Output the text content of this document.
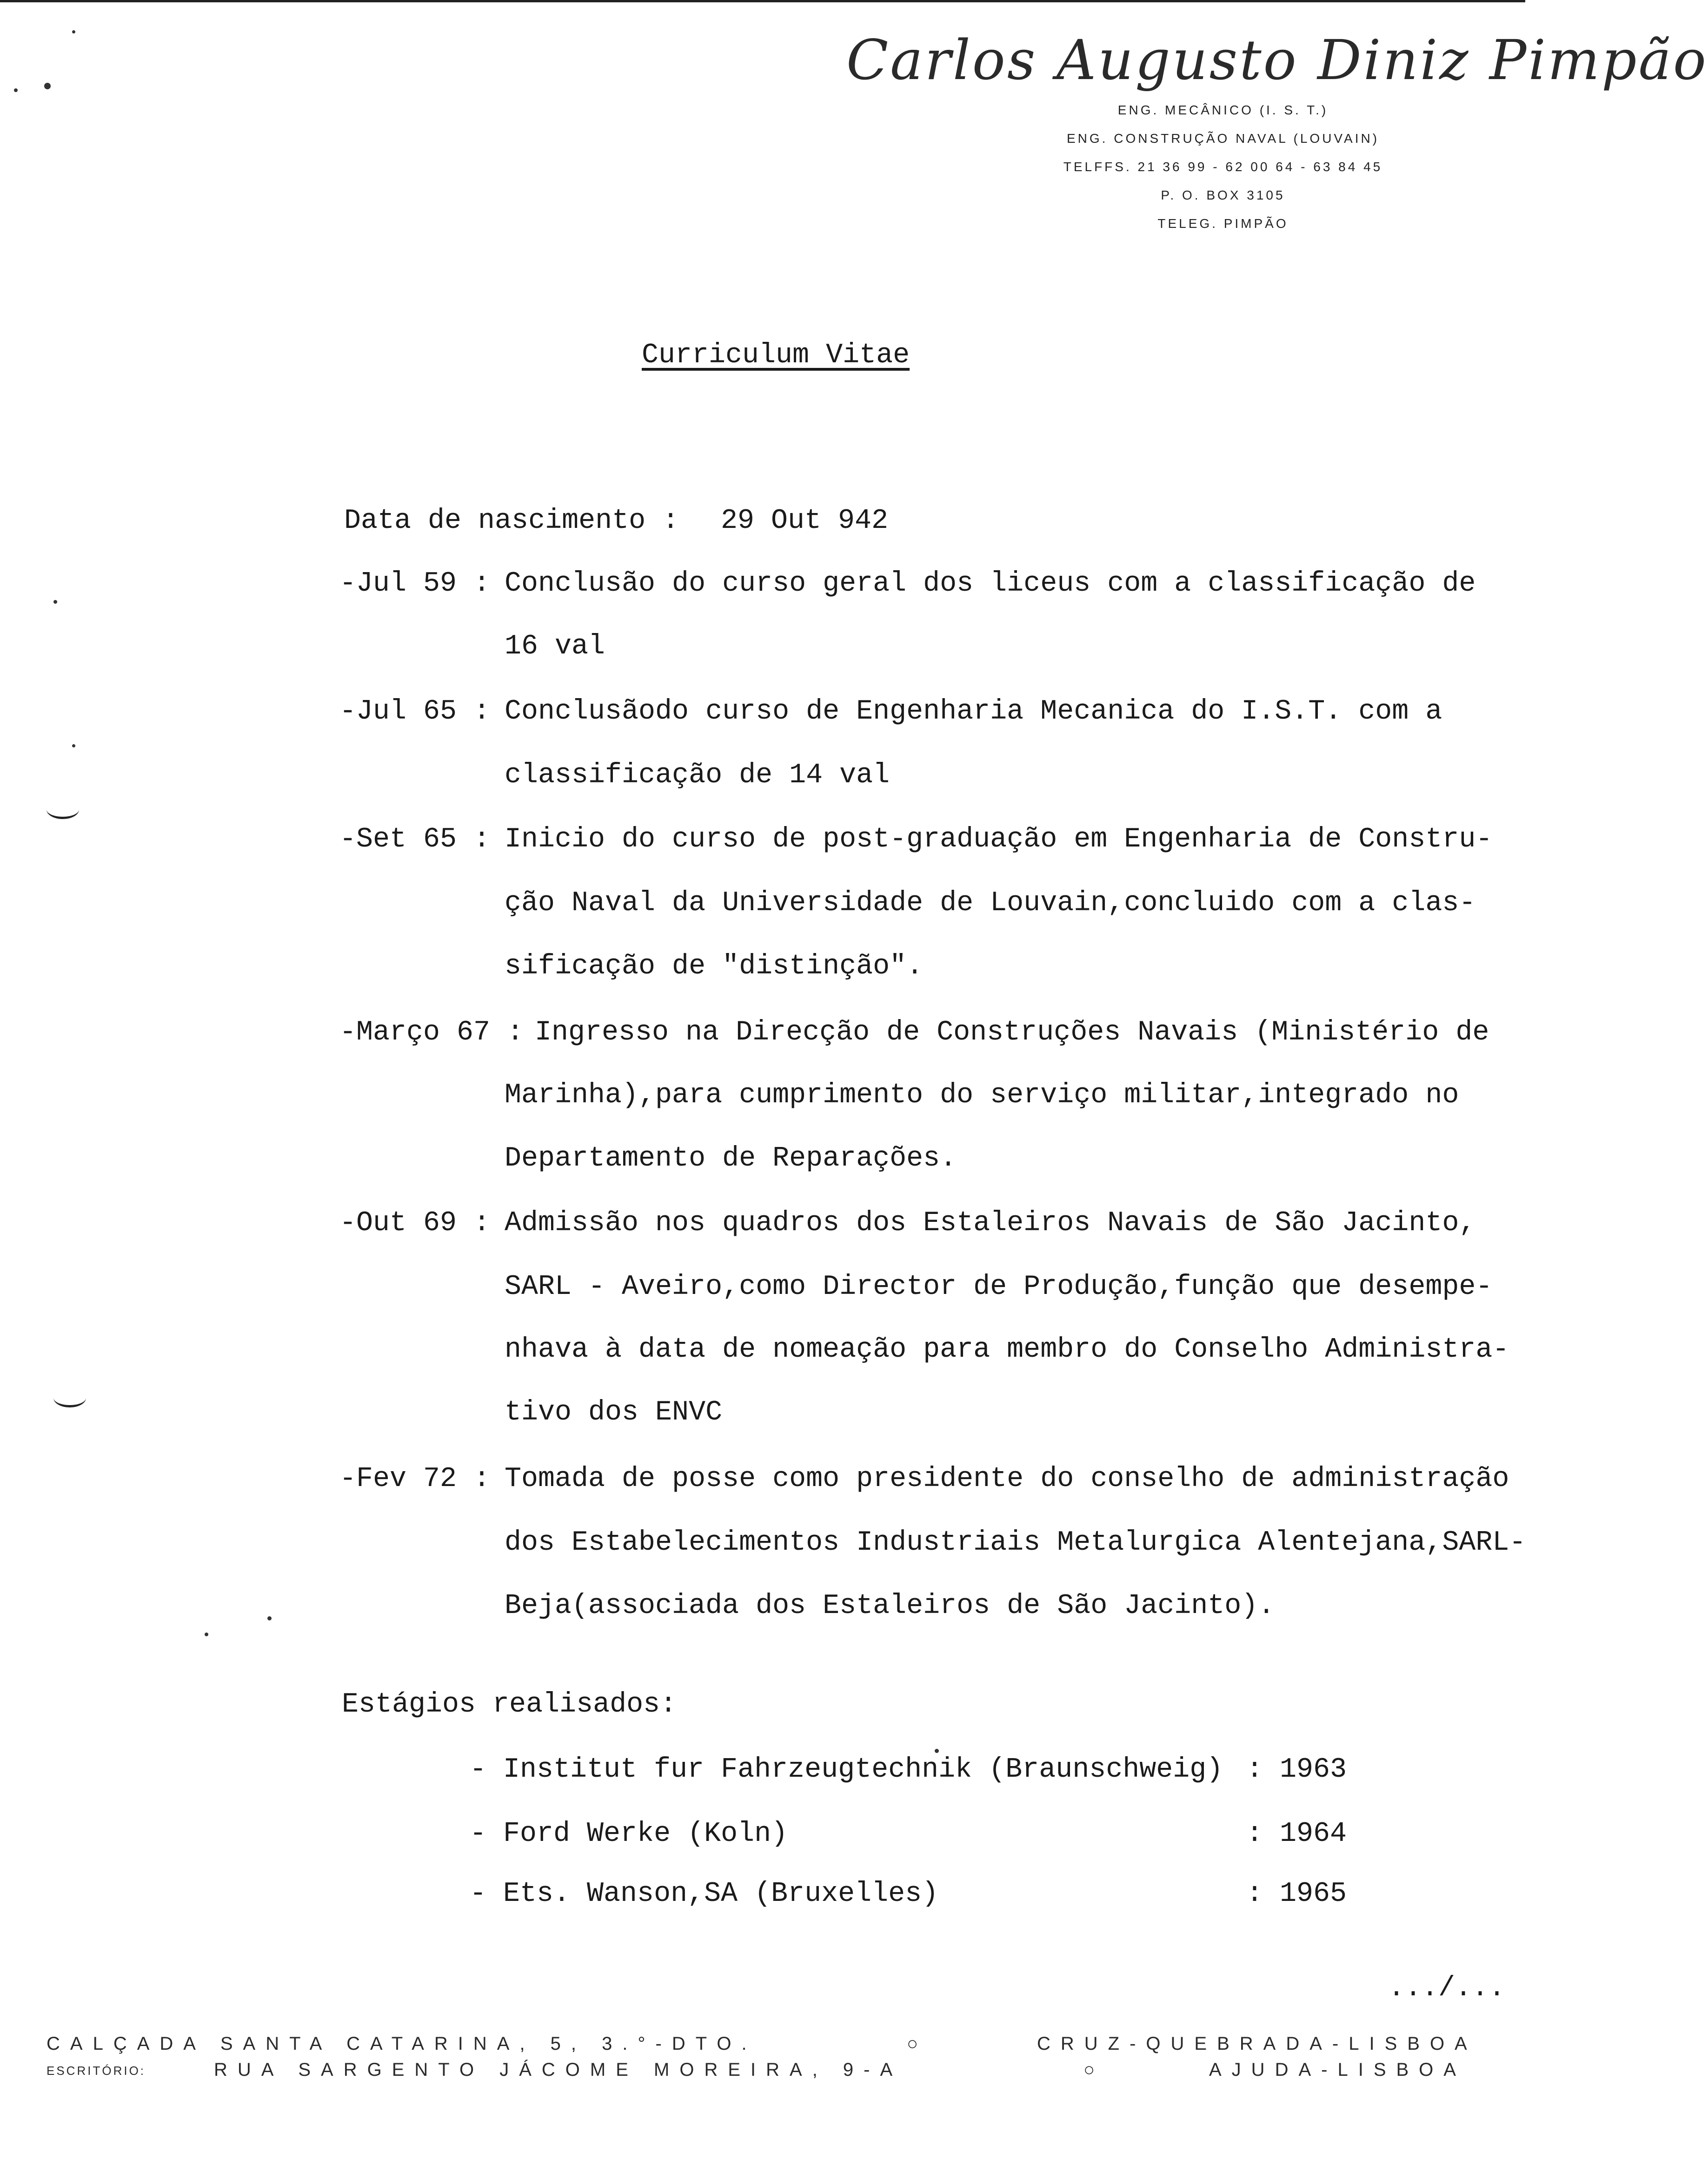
Carlos Augusto Diniz Pimpão
ENG. MECÂNICO (I. S. T.)
ENG. CONSTRUÇÃO NAVAL (LOUVAIN)
TELFFS. 21 36 99 - 62 00 64 - 63 84 45
P. O. BOX 3105
TELEG. PIMPÃO
Curriculum Vitae
Data de nascimento : 29 Out 942
-Jul 59 : Conclusão do curso geral dos liceus com a classificação de
16 val
-Jul 65 : Conclusãodo curso de Engenharia Mecanica do I.S.T. com a
classificação de 14 val
-Set 65 : Inicio do curso de post-graduação em Engenharia de Constru-
ção Naval da Universidade de Louvain,concluido com a clas-
sificação de "distinção".
-Março 67 : Ingresso na Direcção de Construções Navais (Ministério de
Marinha),para cumprimento do serviço militar,integrado no
Departamento de Reparações.
-Out 69 : Admissão nos quadros dos Estaleiros Navais de São Jacinto,
SARL - Aveiro,como Director de Produção,função que desempe-
nhava à data de nomeação para membro do Conselho Administra-
tivo dos ENVC
-Fev 72 : Tomada de posse como presidente do conselho de administração
dos Estabelecimentos Industriais Metalurgica Alentejana,SARL-
Beja(associada dos Estaleiros de São Jacinto).
Estágios realisados:
- Institut fur Fahrzeugtechnik (Braunschweig) : 1963
- Ford Werke (Koln)	: 1964
- Ets. Wanson,SA (Bruxelles)	: 1965
.../...
CALÇADA SANTA CATARINA, 5, 3.°-DTO.	○	CRUZ-QUEBRADA-LISBOA
ESCRITÓRIO:	RUA SARGENTO JÁCOME MOREIRA, 9-A	○	AJUDA-LISBOA
